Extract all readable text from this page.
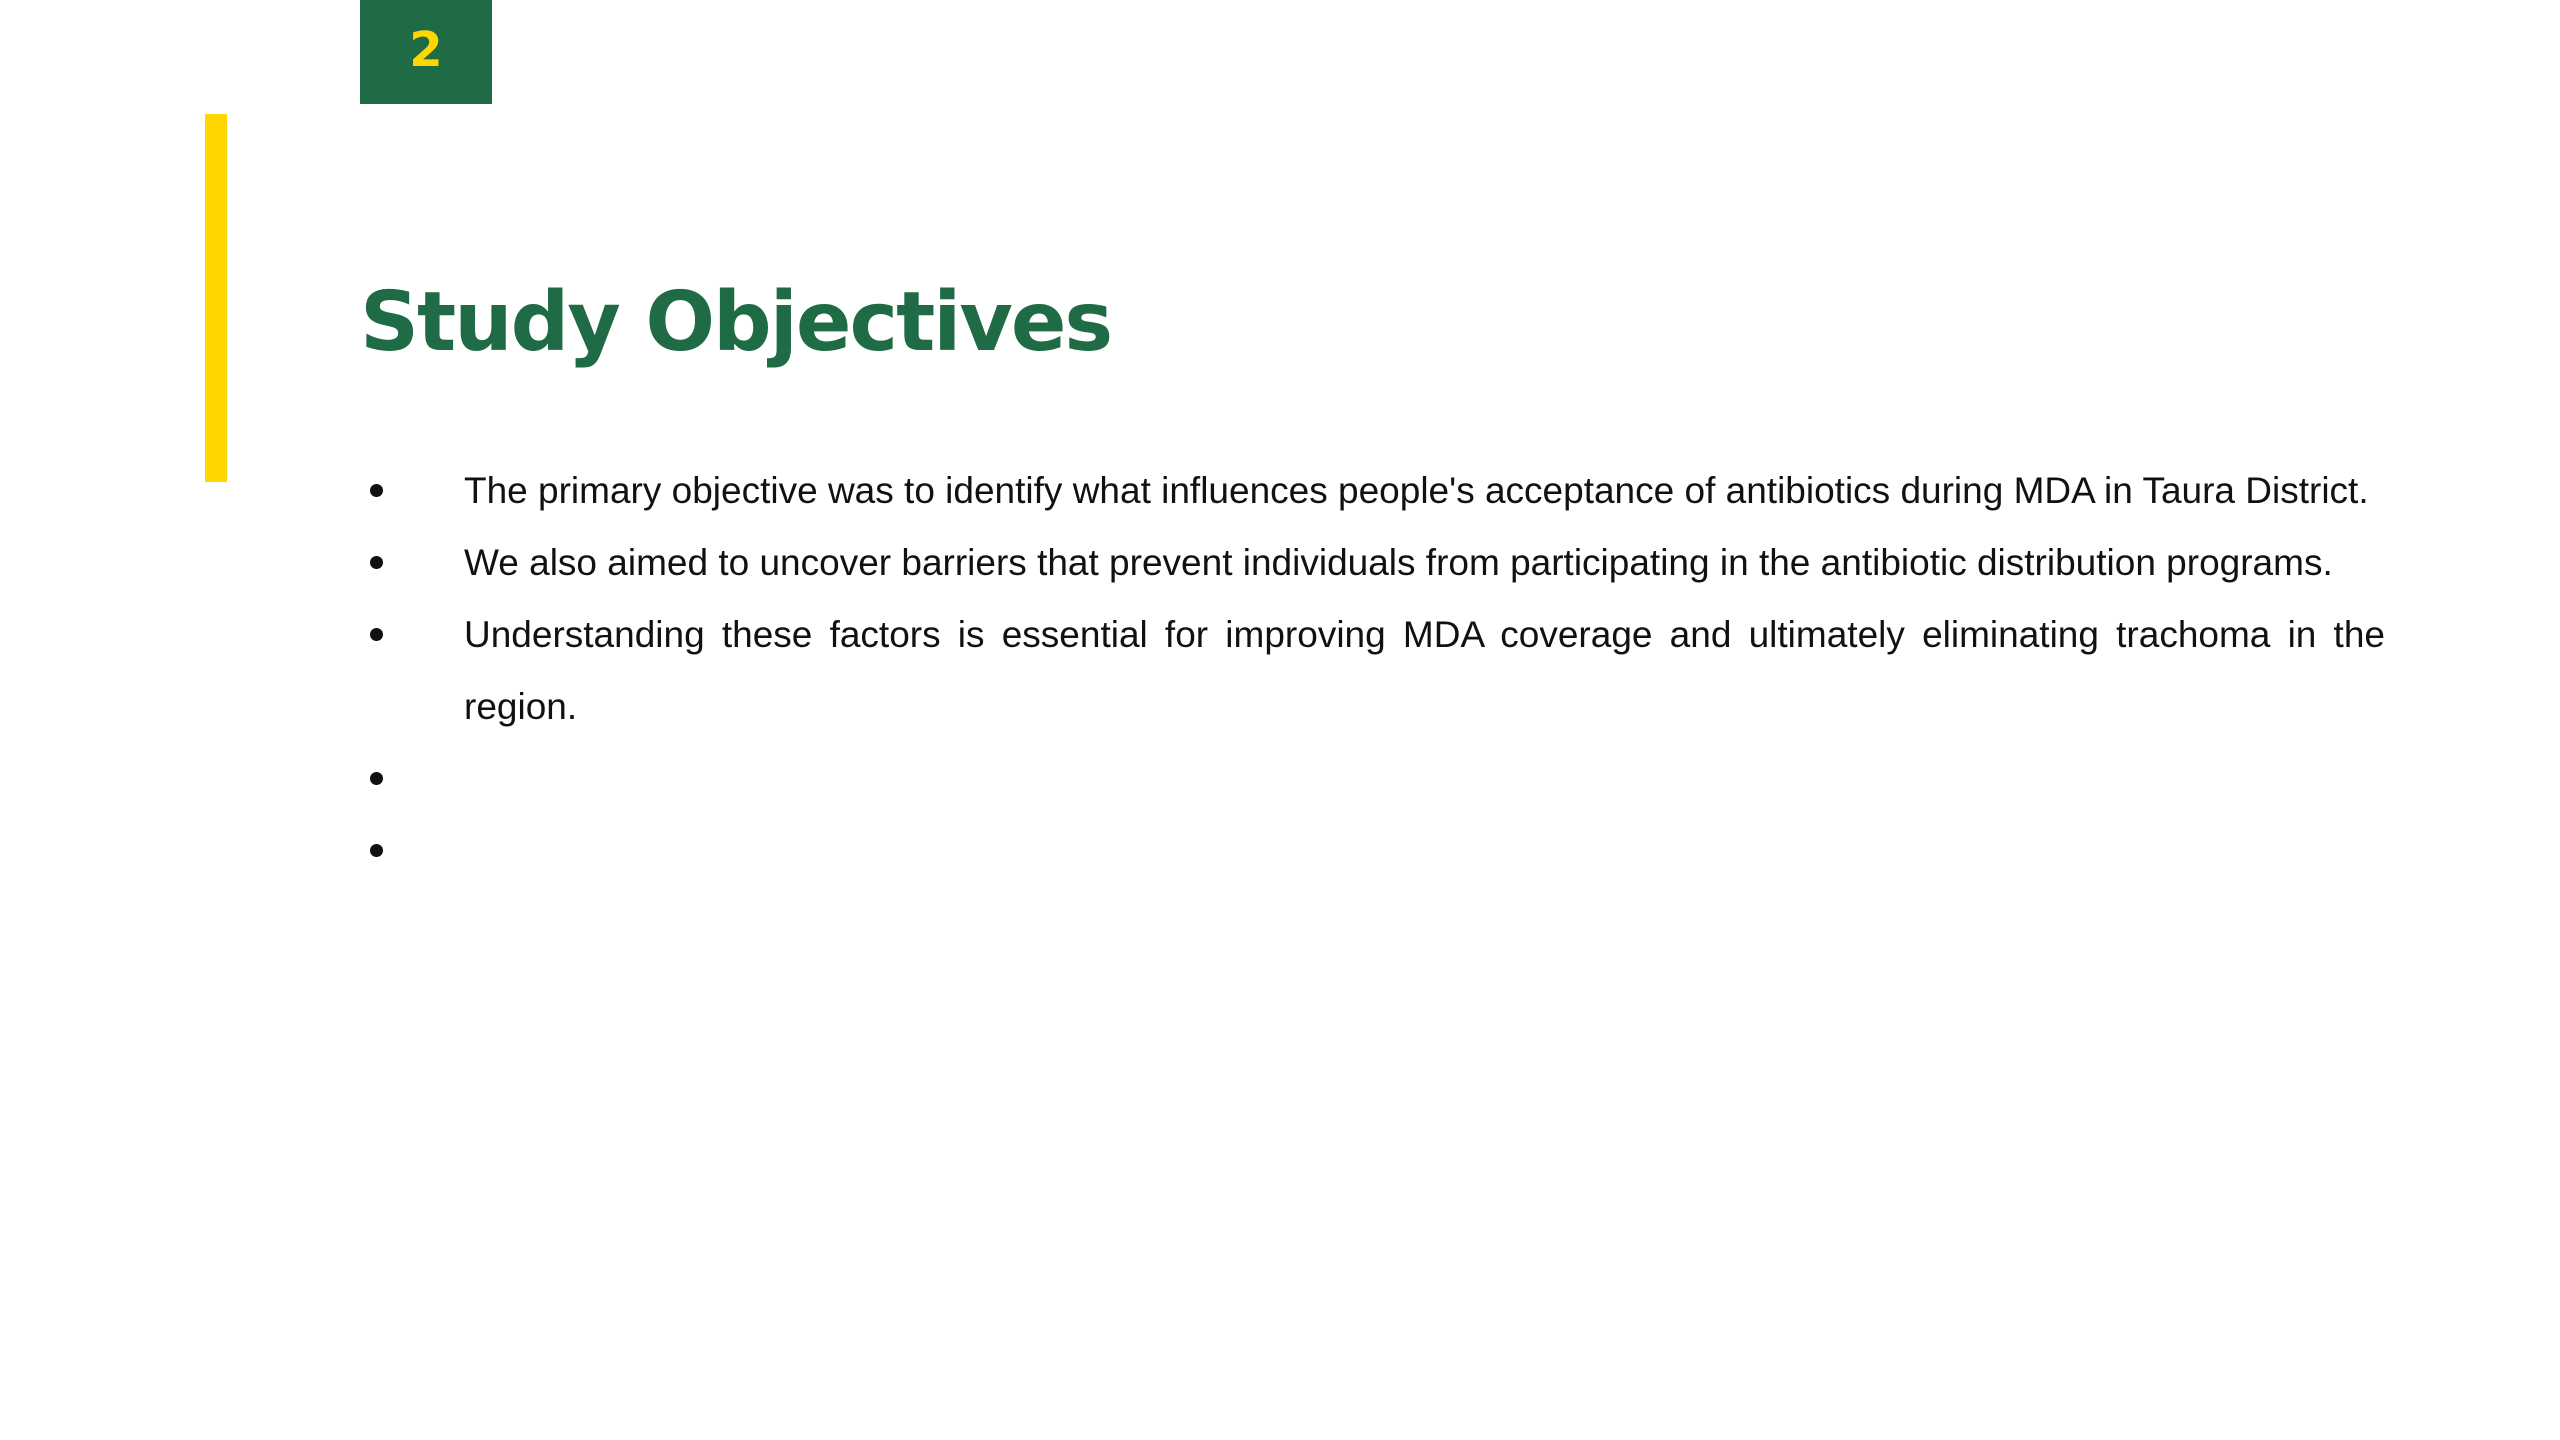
2
Study Objectives
The primary objective was to identify what influences people's acceptance of antibiotics during MDA in Taura District.
We also aimed to uncover barriers that prevent individuals from participating in the antibiotic distribution programs.
Understanding these factors is essential for improving MDA coverage and ultimately eliminating trachoma in the region.
